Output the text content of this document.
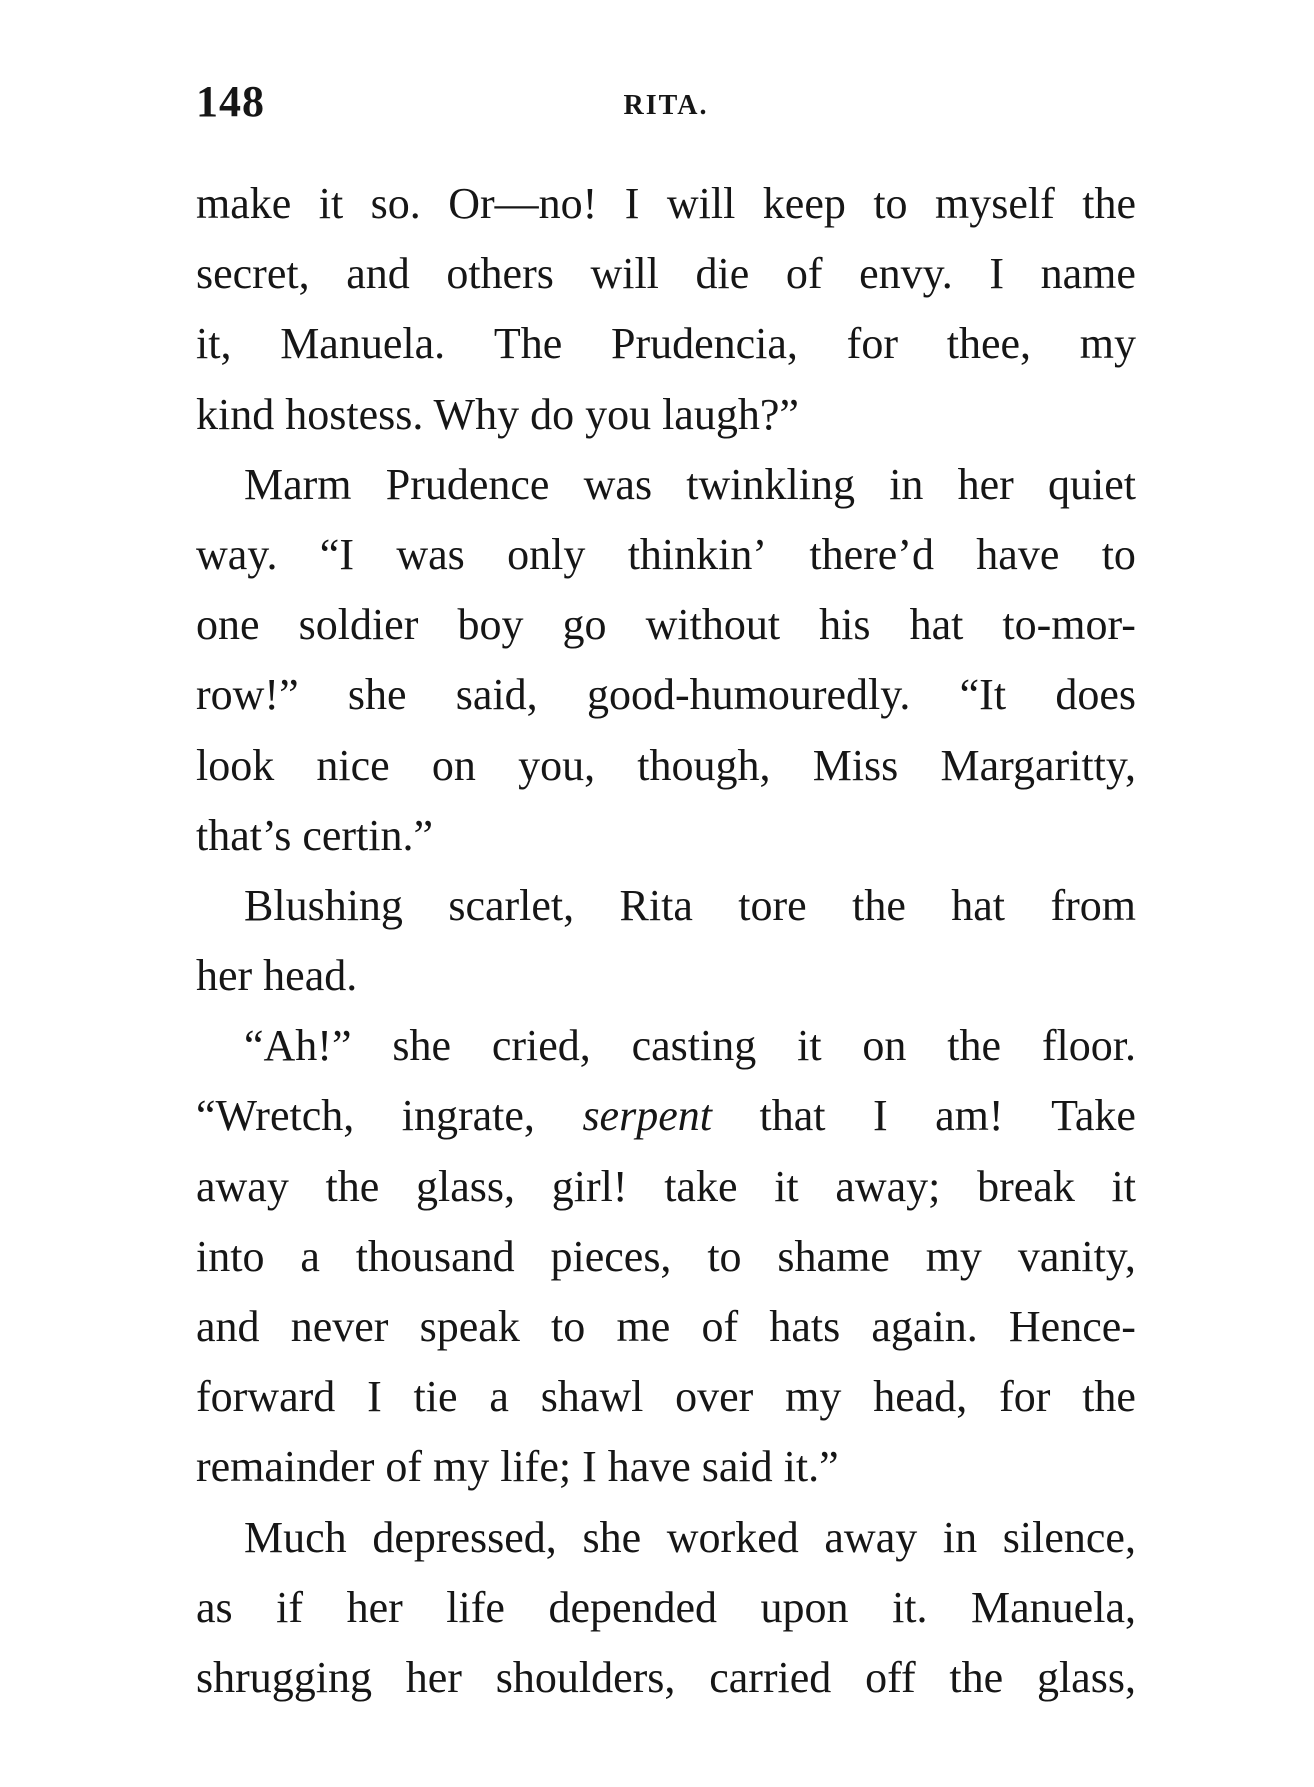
148	RITA.
make it so. Or—no! I will keep to myself the
secret, and others will die of envy. I name
it, Manuela. The Prudencia, for thee, my
kind hostess. Why do you laugh?”
Marm Prudence was twinkling in her quiet
way. “I was only thinkin’ there’d have to
one soldier boy go without his hat to-mor-
row!” she said, good-humouredly. “It does
look nice on you, though, Miss Margaritty,
that’s certin.”
Blushing scarlet, Rita tore the hat from
her head.
“Ah!” she cried, casting it on the floor.
“Wretch, ingrate, serpent that I am! Take
away the glass, girl! take it away; break it
into a thousand pieces, to shame my vanity,
and never speak to me of hats again. Hence-
forward I tie a shawl over my head, for the
remainder of my life; I have said it.”
Much depressed, she worked away in silence,
as if her life depended upon it. Manuela,
shrugging her shoulders, carried off the glass,
